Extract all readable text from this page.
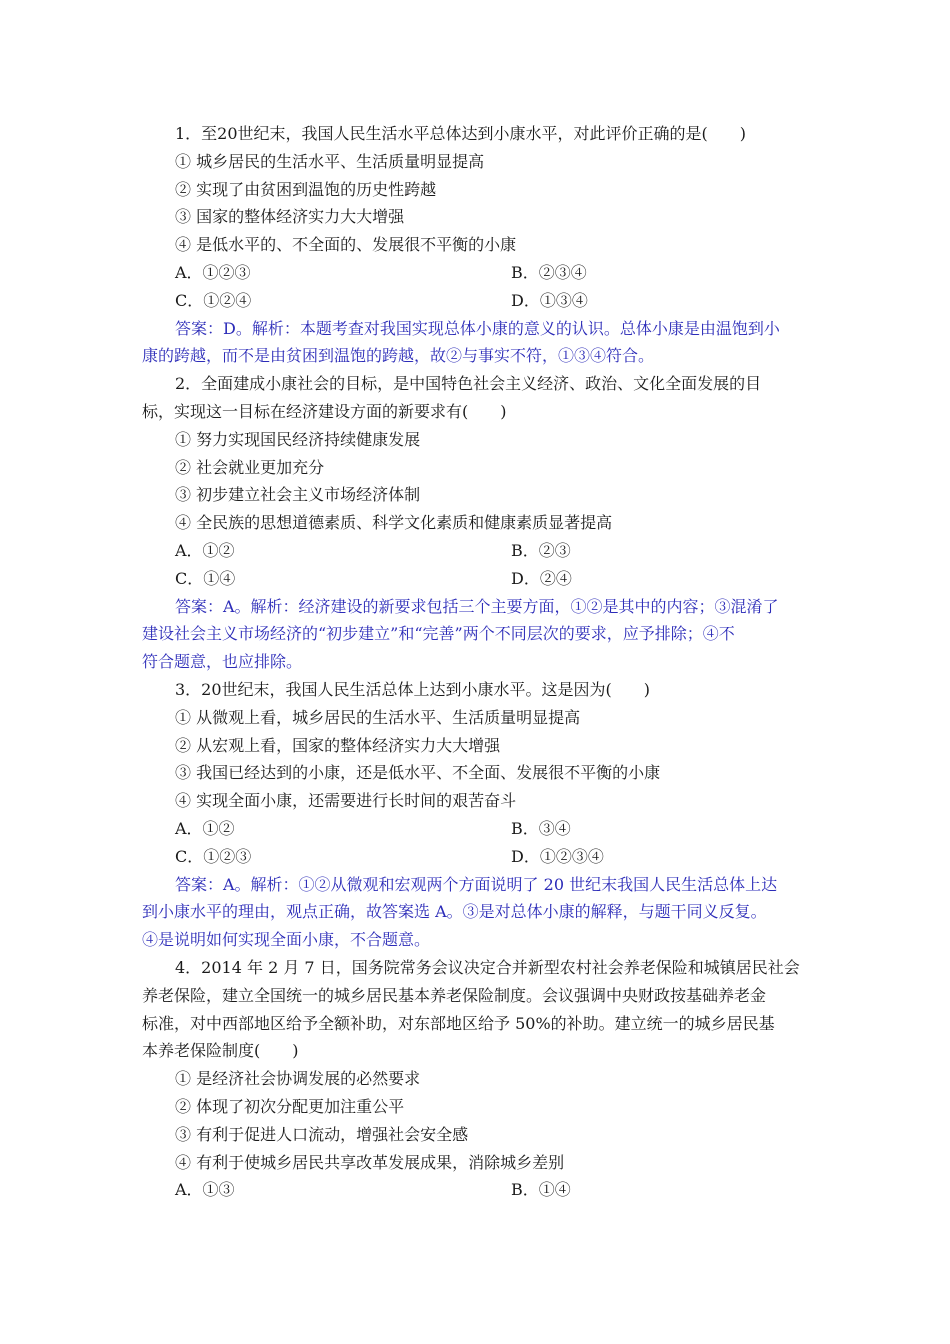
1．至20世纪末，我国人民生活水平总体达到小康水平，对此评价正确的是(　　)
① 城乡居民的生活水平、生活质量明显提高
② 实现了由贫困到温饱的历史性跨越
③ 国家的整体经济实力大大增强
④ 是低水平的、不全面的、发展很不平衡的小康
A．①②③	B．②③④
C．①②④	D．①③④
答案：D。解析：本题考查对我国实现总体小康的意义的认识。总体小康是由温饱到小
康的跨越，而不是由贫困到温饱的跨越，故②与事实不符，①③④符合。
2．全面建成小康社会的目标，是中国特色社会主义经济、政治、文化全面发展的目
标，实现这一目标在经济建设方面的新要求有(　　)
① 努力实现国民经济持续健康发展
② 社会就业更加充分
③ 初步建立社会主义市场经济体制
④ 全民族的思想道德素质、科学文化素质和健康素质显著提高
A．①②	B．②③
C．①④	D．②④
答案：A。解析：经济建设的新要求包括三个主要方面，①②是其中的内容；③混淆了
建设社会主义市场经济的“初步建立”和“完善”两个不同层次的要求，应予排除；④不
符合题意，也应排除。
3．20世纪末，我国人民生活总体上达到小康水平。这是因为(　　)
① 从微观上看，城乡居民的生活水平、生活质量明显提高
② 从宏观上看，国家的整体经济实力大大增强
③ 我国已经达到的小康，还是低水平、不全面、发展很不平衡的小康
④ 实现全面小康，还需要进行长时间的艰苦奋斗
A．①②	B．③④
C．①②③	D．①②③④
答案：A。解析：①②从微观和宏观两个方面说明了 20 世纪末我国人民生活总体上达
到小康水平的理由，观点正确，故答案选 A。③是对总体小康的解释，与题干同义反复。
④是说明如何实现全面小康，不合题意。
4．2014 年 2 月 7 日，国务院常务会议决定合并新型农村社会养老保险和城镇居民社会
养老保险，建立全国统一的城乡居民基本养老保险制度。会议强调中央财政按基础养老金
标准，对中西部地区给予全额补助，对东部地区给予 50%的补助。建立统一的城乡居民基
本养老保险制度(　　)
① 是经济社会协调发展的必然要求
② 体现了初次分配更加注重公平
③ 有利于促进人口流动，增强社会安全感
④ 有利于使城乡居民共享改革发展成果，消除城乡差别
A．①③	B．①④
